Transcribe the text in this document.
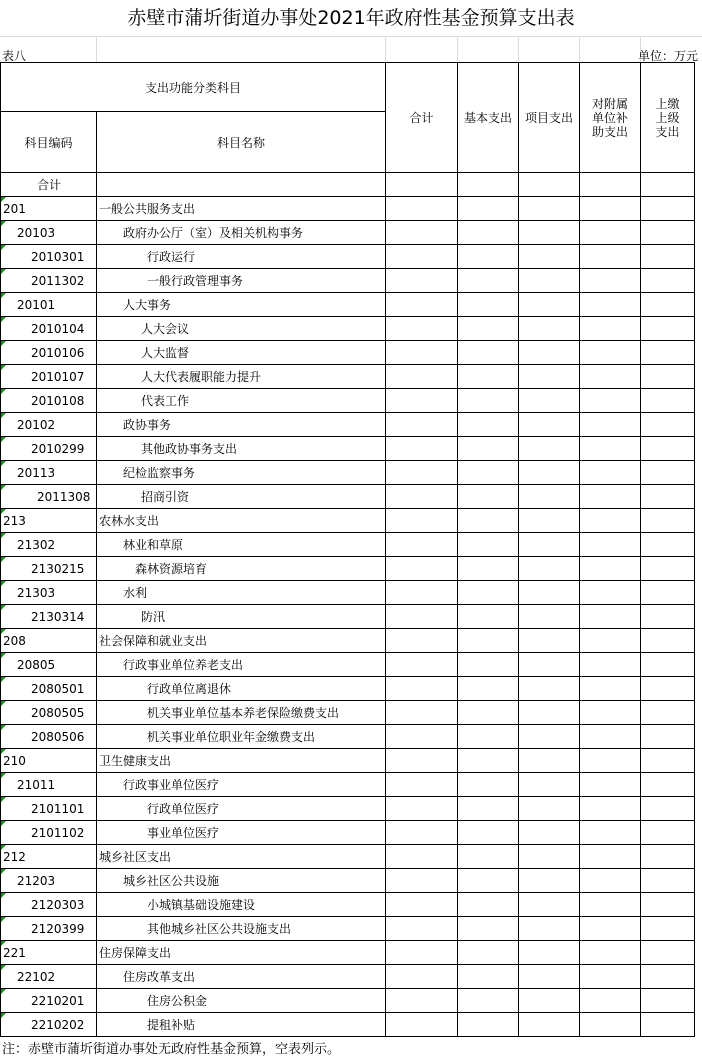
赤壁市蒲圻街道办事处2021年政府性基金预算支出表
表八	单位：万元
支出功能分类科目		合计	基本支出	项目支出	对附属单位补助支出	上缴上级支出

科目编码	科目名称					
合计						

201	一般公共服务支出					

20103	政府办公厅（室）及相关机构事务					

2010301	行政运行					

2011302	一般行政管理事务					

20101	人大事务					

2010104	人大会议					

2010106	人大监督					

2010107	人大代表履职能力提升					

2010108	代表工作					

20102	政协事务					

2010299	其他政协事务支出					

20113	纪检监察事务					

2011308	招商引资					

213	农林水支出					

21302	林业和草原					

2130215	森林资源培育					

21303	水利					

2130314	防汛					

208	社会保障和就业支出					

20805	行政事业单位养老支出					

2080501	行政单位离退休					

2080505	机关事业单位基本养老保险缴费支出					

2080506	机关事业单位职业年金缴费支出					

210	卫生健康支出					

21011	行政事业单位医疗					

2101101	行政单位医疗					

2101102	事业单位医疗					

212	城乡社区支出					

21203	城乡社区公共设施					

2120303	小城镇基础设施建设					

2120399	其他城乡社区公共设施支出					

221	住房保障支出					

22102	住房改革支出					

2210201	住房公积金					

2210202	提租补贴					
注：赤壁市蒲圻街道办事处无政府性基金预算，空表列示。
